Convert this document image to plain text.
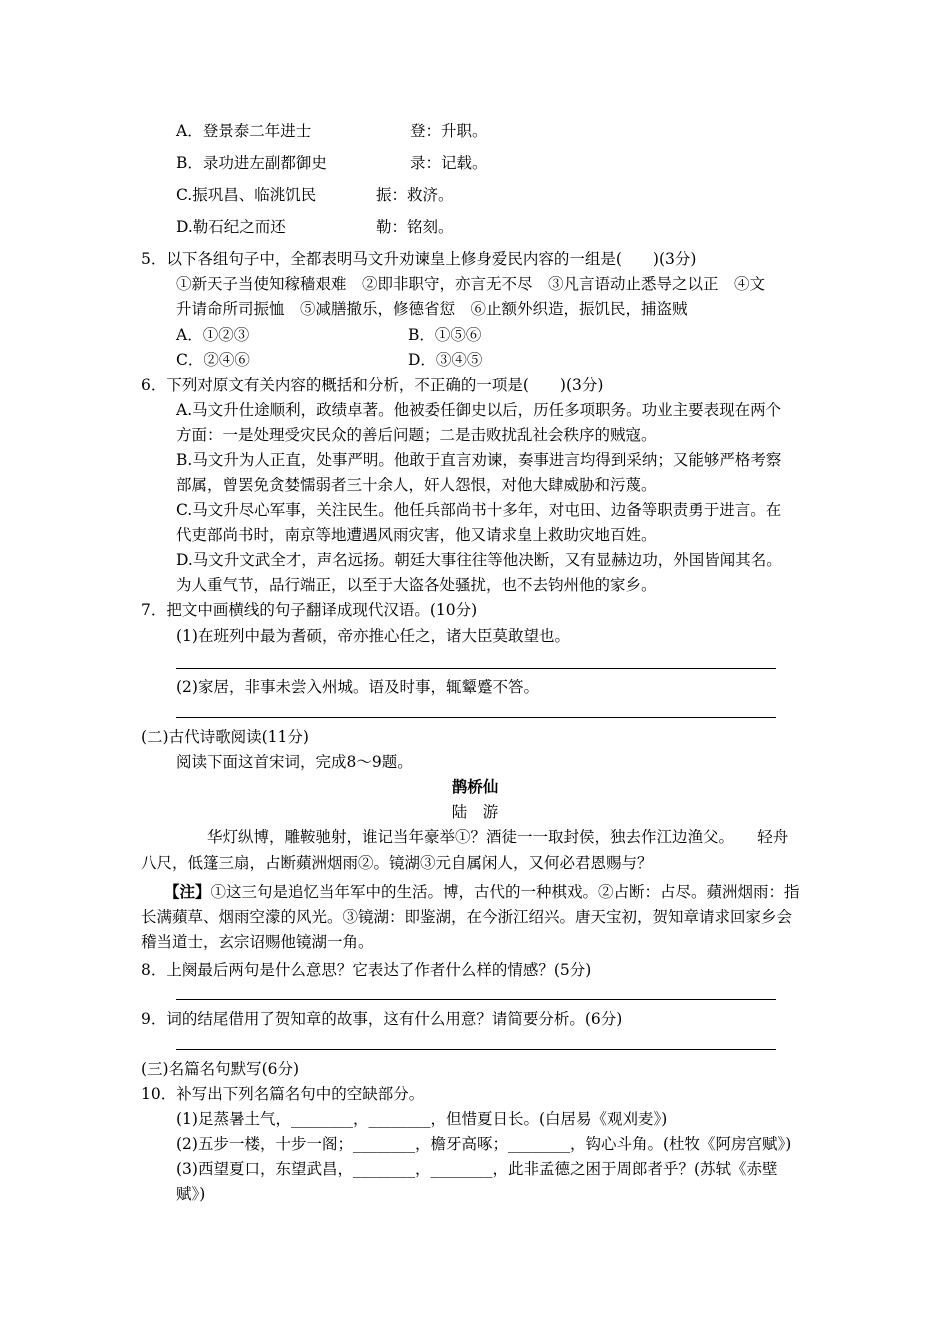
A．登景泰二年进士	登：升职。
B．录功进左副都御史	录：记载。
C.振巩昌、临洮饥民	振：救济。
D.勒石纪之而还	勒：铭刻。
5．以下各组句子中，全都表明马文升劝谏皇上修身爱民内容的一组是(　　)(3分)
①新天子当使知稼穑艰难　②即非职守，亦言无不尽　③凡言语动止悉导之以正　④文
升请命所司振恤　⑤减膳撤乐，修德省愆　⑥止额外织造，振饥民，捕盗贼
A．①②③	B．①⑤⑥
C．②④⑥	D．③④⑤
6．下列对原文有关内容的概括和分析，不正确的一项是(　　)(3分)
A.马文升仕途顺利，政绩卓著。他被委任御史以后，历任多项职务。功业主要表现在两个
方面：一是处理受灾民众的善后问题；二是击败扰乱社会秩序的贼寇。
B.马文升为人正直，处事严明。他敢于直言劝谏，奏事进言均得到采纳；又能够严格考察
部属，曾罢免贪婪懦弱者三十余人，奸人怨恨，对他大肆威胁和污蔑。
C.马文升尽心军事，关注民生。他任兵部尚书十多年，对屯田、边备等职责勇于进言。在
代吏部尚书时，南京等地遭遇风雨灾害，他又请求皇上救助灾地百姓。
D.马文升文武全才，声名远扬。朝廷大事往往等他决断，又有显赫边功，外国皆闻其名。
为人重气节，品行端正，以至于大盗各处骚扰，也不去钧州他的家乡。
7．把文中画横线的句子翻译成现代汉语。(10分)
(1)在班列中最为耆硕，帝亦推心任之，诸大臣莫敢望也。
(2)家居，非事未尝入州城。语及时事，辄颦蹙不答。
(二)古代诗歌阅读(11分)
阅读下面这首宋词，完成8～9题。
鹊桥仙
陆　游
华灯纵博，雕鞍驰射，谁记当年豪举①？酒徒一一取封侯，独去作江边渔父。　　轻舟
八尺，低篷三扇，占断蘋洲烟雨②。镜湖③元自属闲人，又何必君恩赐与？
【注】①这三句是追忆当年军中的生活。博，古代的一种棋戏。②占断：占尽。蘋洲烟雨：指
长满蘋草、烟雨空濛的风光。③镜湖：即鉴湖，在今浙江绍兴。唐天宝初，贺知章请求回家乡会
稽当道士，玄宗诏赐他镜湖一角。
8．上阕最后两句是什么意思？它表达了作者什么样的情感？(5分)
9．词的结尾借用了贺知章的故事，这有什么用意？请简要分析。(6分)
(三)名篇名句默写(6分)
10．补写出下列名篇名句中的空缺部分。
(1)足蒸暑土气，________，________，但惜夏日长。(白居易《观刈麦》)
(2)五步一楼，十步一阁；________，檐牙高啄；________，钩心斗角。(杜牧《阿房宫赋》)
(3)西望夏口，东望武昌，________，________，此非孟德之困于周郎者乎？(苏轼《赤壁
赋》)
